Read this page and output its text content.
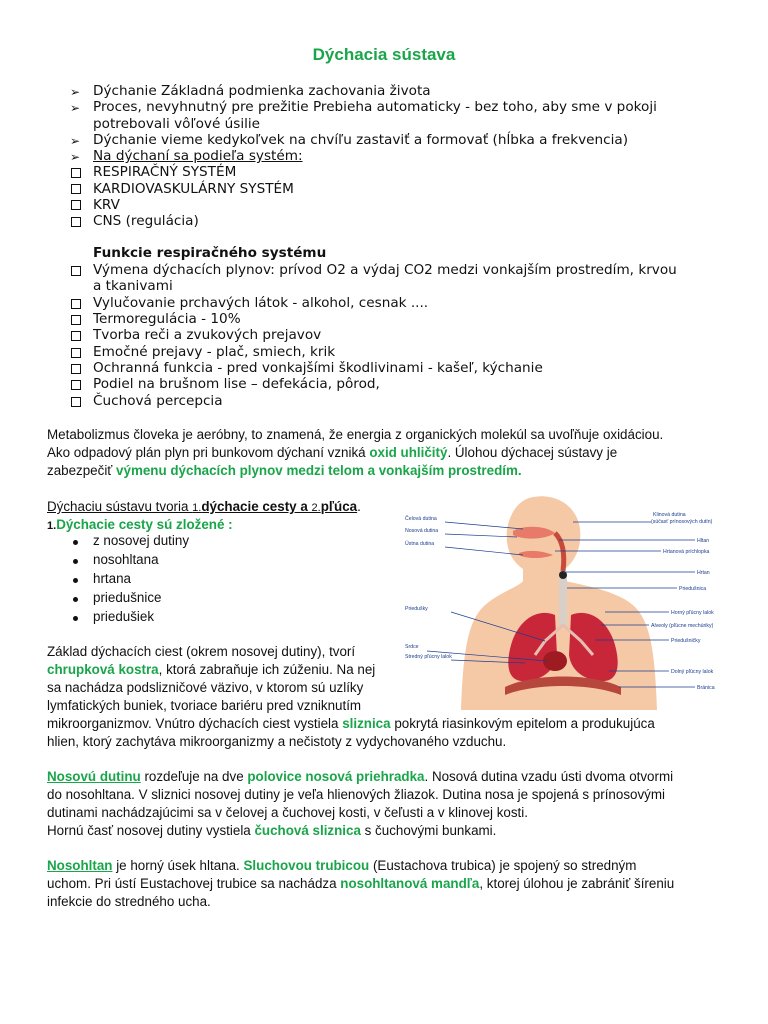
Dýchacia sústava
➢ Dýchanie Základná podmienka zachovania života
➢ Proces, nevyhnutný pre prežitie Prebieha automaticky - bez toho, aby sme v pokoji
potrebovali vôľové úsilie
➢ Dýchanie vieme kedykoľvek na chvíľu zastaviť a formovať (hĺbka a frekvencia)
➢ Na dýchaní sa podieľa systém:
RESPIRAČNÝ SYSTÉM
KARDIOVASKULÁRNY SYSTÉM
KRV
CNS (regulácia)
Funkcie respiračného systému
Výmena dýchacích plynov: prívod O2 a výdaj CO2 medzi vonkajším prostredím, krvou
a tkanivami
Vylučovanie prchavých látok - alkohol, cesnak ....
Termoregulácia - 10%
Tvorba reči a zvukových prejavov
Emočné prejavy - plač, smiech, krik
Ochranná funkcia - pred vonkajšími škodlivinami - kašeľ, kýchanie
Podiel na brušnom lise – defekácia, pôrod,
Čuchová percepcia
Metabolizmus človeka je aeróbny, to znamená, že energia z organických molekúl sa uvoľňuje oxidáciou.
Ako odpadový plán plyn pri bunkovom dýchaní vzniká oxid uhličitý. Úlohou dýchacej sústavy je
zabezpečiť výmenu dýchacích plynov medzi telom a vonkajším prostredím.
Dýchaciu sústavu tvoria 1.dýchacie cesty a 2.pľúca.
1.Dýchacie cesty sú zložené :
z nosovej dutiny
nosohltana
hrtana
priedušnice
priedušiek
Základ dýchacích ciest (okrem nosovej dutiny), tvorí
chrupková kostra, ktorá zabraňuje ich zúženiu. Na nej
sa nachádza podslizničové väzivo, v ktorom sú uzlíky
lymfatických buniek, tvoriace bariéru pred vzniknutím
mikroorganizmov. Vnútro dýchacích ciest vystiela sliznica pokrytá riasinkovým epitelom a produkujúca
hlien, ktorý zachytáva mikroorganizmy a nečistoty z vydychovaného vzduchu.
Nosovú dutinu rozdeľuje na dve polovice nosová priehradka. Nosová dutina vzadu ústi dvoma otvormi
do nosohltana. V sliznici nosovej dutiny je veľa hlienových žliazok. Dutina nosa je spojená s prínosovými
dutinami nachádzajúcimi sa v čelovej a čuchovej kosti, v čeľusti a v klinovej kosti.
Hornú časť nosovej dutiny vystiela čuchová sliznica s čuchovými bunkami.
Nosohltan je horný úsek hltana. Sluchovou trubicou (Eustachova trubica) je spojený so stredným
uchom. Pri ústí Eustachovej trubice sa nachádza nosohltanová mandľa, ktorej úlohou je zabrániť šíreniu
infekcie do stredného ucha.
Čelová dutina
Nosová dutina
Ústna dutina
Priedušky
Srdce
Stredný pľúcny lalok
Klinová dutina
(súčasť prínosových dutín)
Hltan
Hrtanová príchlopka
Hrtan
Priedušnica
Horný pľúcny lalok
Alveoly (pľúcne mechúriky)
Priedušničky
Dolný pľúcny lalok
Bránica
